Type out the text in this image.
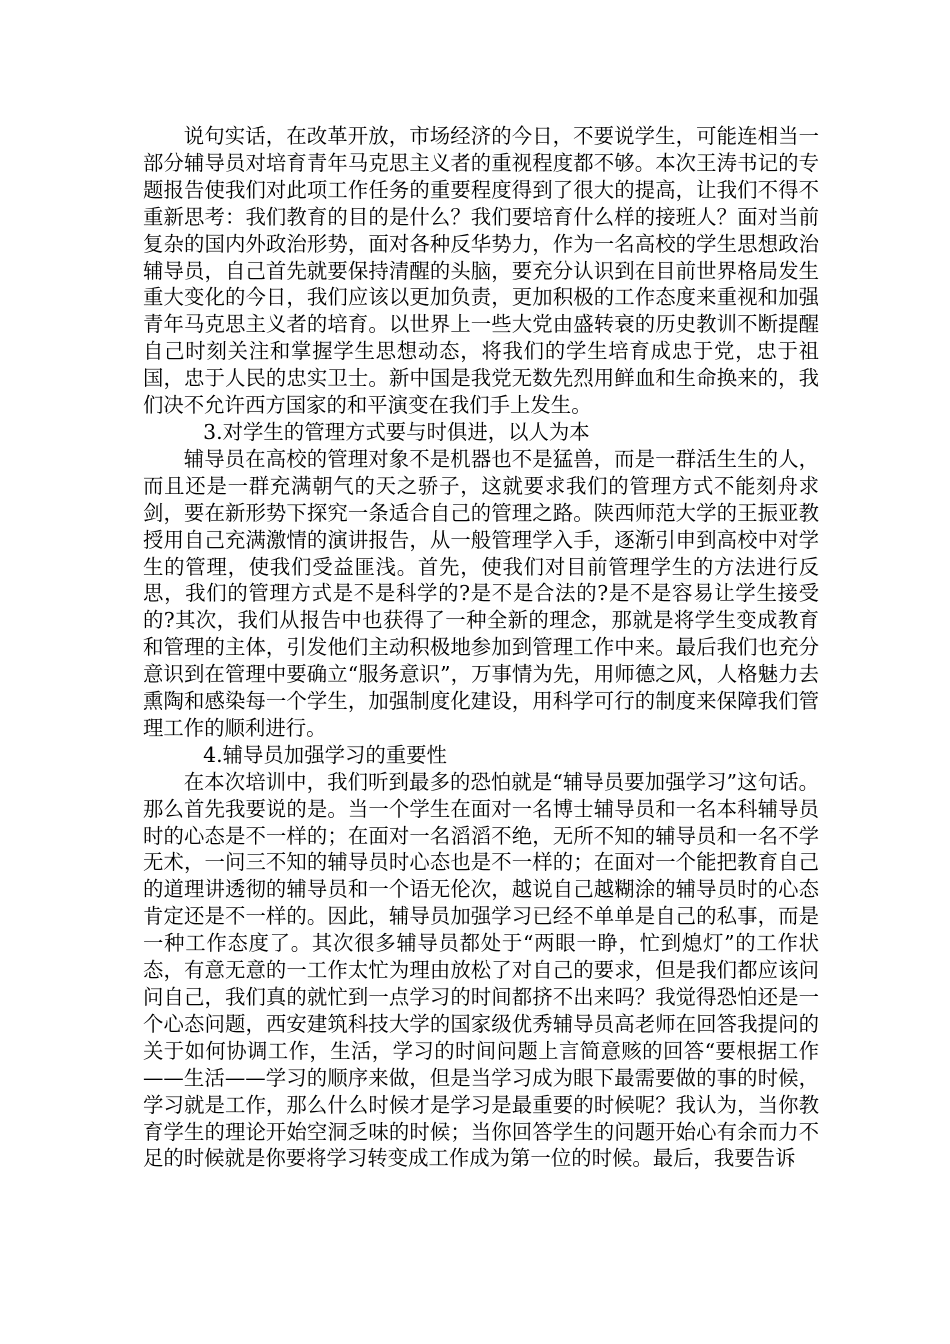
说句实话，在改革开放，市场经济的今日，不要说学生，可能连相当一部分辅导员对培育青年马克思主义者的重视程度都不够。本次王涛书记的专题报告使我们对此项工作任务的重要程度得到了很大的提高，让我们不得不重新思考：我们教育的目的是什么？我们要培育什么样的接班人？面对当前复杂的国内外政治形势，面对各种反华势力，作为一名高校的学生思想政治辅导员，自己首先就要保持清醒的头脑，要充分认识到在目前世界格局发生重大变化的今日，我们应该以更加负责，更加积极的工作态度来重视和加强青年马克思主义者的培育。以世界上一些大党由盛转衰的历史教训不断提醒自己时刻关注和掌握学生思想动态，将我们的学生培育成忠于党，忠于祖国，忠于人民的忠实卫士。新中国是我党无数先烈用鲜血和生命换来的，我们决不允许西方国家的和平演变在我们手上发生。

3.对学生的管理方式要与时俱进，以人为本

辅导员在高校的管理对象不是机器也不是猛兽，而是一群活生生的人，而且还是一群充满朝气的天之骄子，这就要求我们的管理方式不能刻舟求剑，要在新形势下探究一条适合自己的管理之路。陕西师范大学的王振亚教授用自己充满激情的演讲报告，从一般管理学入手，逐渐引申到高校中对学生的管理，使我们受益匪浅。首先，使我们对目前管理学生的方法进行反思，我们的管理方式是不是科学的?是不是合法的?是不是容易让学生接受的?其次，我们从报告中也获得了一种全新的理念，那就是将学生变成教育和管理的主体，引发他们主动积极地参加到管理工作中来。最后我们也充分意识到在管理中要确立“服务意识”，万事情为先，用师德之风，人格魅力去熏陶和感染每一个学生，加强制度化建设，用科学可行的制度来保障我们管理工作的顺利进行。

4.辅导员加强学习的重要性

在本次培训中，我们听到最多的恐怕就是“辅导员要加强学习”这句话。那么首先我要说的是。当一个学生在面对一名博士辅导员和一名本科辅导员时的心态是不一样的；在面对一名滔滔不绝，无所不知的辅导员和一名不学无术，一问三不知的辅导员时心态也是不一样的；在面对一个能把教育自己的道理讲透彻的辅导员和一个语无伦次，越说自己越糊涂的辅导员时的心态肯定还是不一样的。因此，辅导员加强学习已经不单单是自己的私事，而是一种工作态度了。其次很多辅导员都处于“两眼一睁，忙到熄灯”的工作状态，有意无意的一工作太忙为理由放松了对自己的要求，但是我们都应该问问自己，我们真的就忙到一点学习的时间都挤不出来吗？我觉得恐怕还是一个心态问题，西安建筑科技大学的国家级优秀辅导员高老师在回答我提问的关于如何协调工作，生活，学习的时间问题上言简意赅的回答“要根据工作——生活——学习的顺序来做，但是当学习成为眼下最需要做的事的时候，学习就是工作，那么什么时候才是学习是最重要的时候呢？我认为，当你教育学生的理论开始空洞乏味的时候；当你回答学生的问题开始心有余而力不足的时候就是你要将学习转变成工作成为第一位的时候。最后，我要告诉
